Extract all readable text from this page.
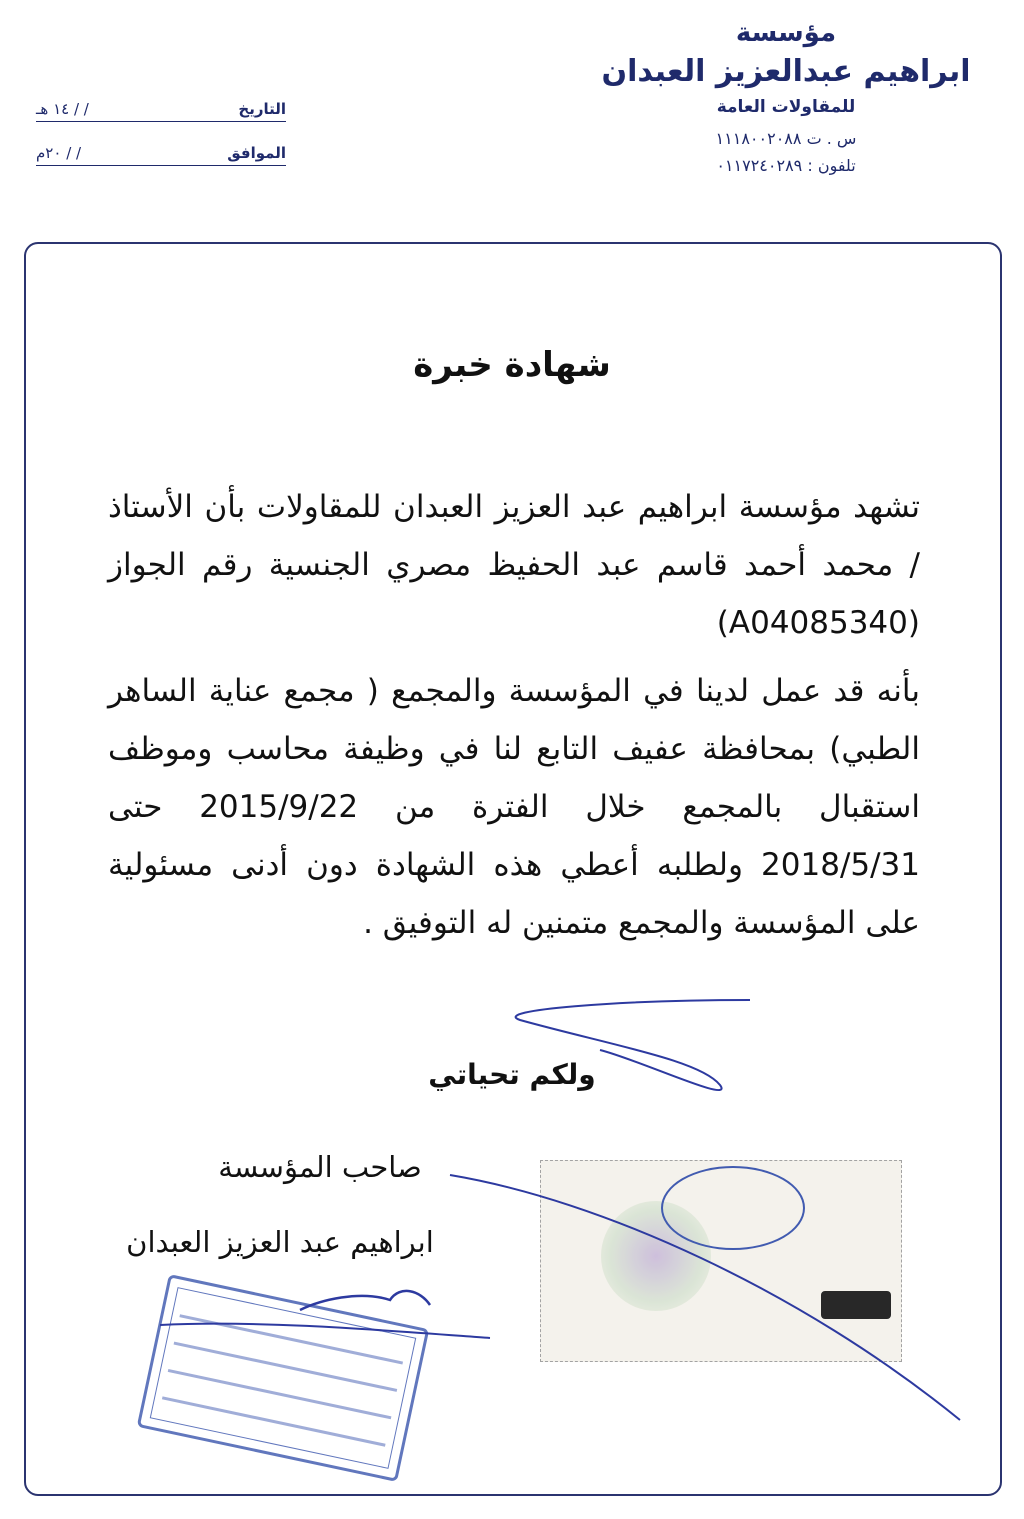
مؤسسة
ابراهيم عبدالعزيز العبدان
للمقاولات العامة
س . ت ١١١٨٠٠٢٠٨٨
تلفون : ٠١١٧٢٤٠٢٨٩
التاريخ
/ / ١٤ هـ
الموافق
/ / ٢٠م
شهادة خبرة

تشهد مؤسسة ابراهيم عبد العزيز العبدان للمقاولات بأن الأستاذ / محمد أحمد قاسم عبد الحفيظ مصري الجنسية رقم الجواز (A04085340)

بأنه قد عمل لدينا في المؤسسة والمجمع ( مجمع عناية الساهر الطبي) بمحافظة عفيف التابع لنا في وظيفة محاسب وموظف استقبال بالمجمع خلال الفترة من 2015/9/22 حتى 2018/5/31 ولطلبه أعطي هذه الشهادة دون أدنى مسئولية على المؤسسة والمجمع متمنين له التوفيق .

ولكم تحياتي
صاحب المؤسسة
ابراهيم عبد العزيز العبدان
